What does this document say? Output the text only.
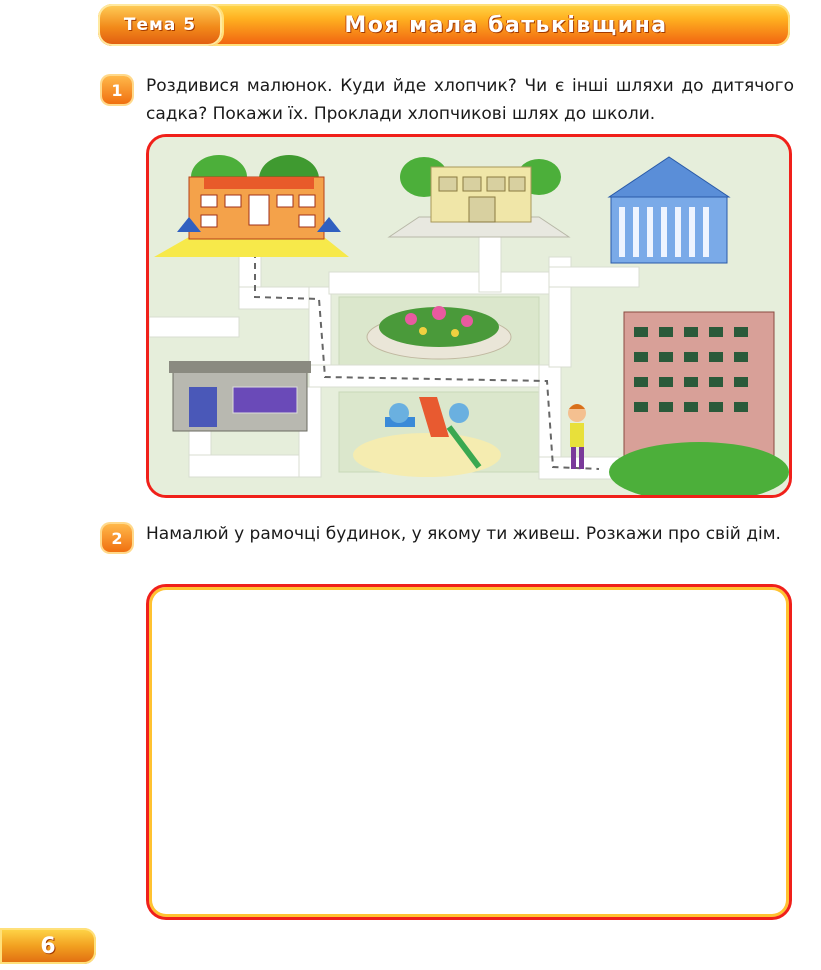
Тема 5	Моя мала батьківщина
1	Роздивися малюнок. Куди йде хлопчик? Чи є інші шляхи до дитячого садка? Покажи їх. Проклади хлопчикові шлях до школи.
2	Намалюй у рамочці будинок, у якому ти живеш. Розкажи про свій дім.
6
